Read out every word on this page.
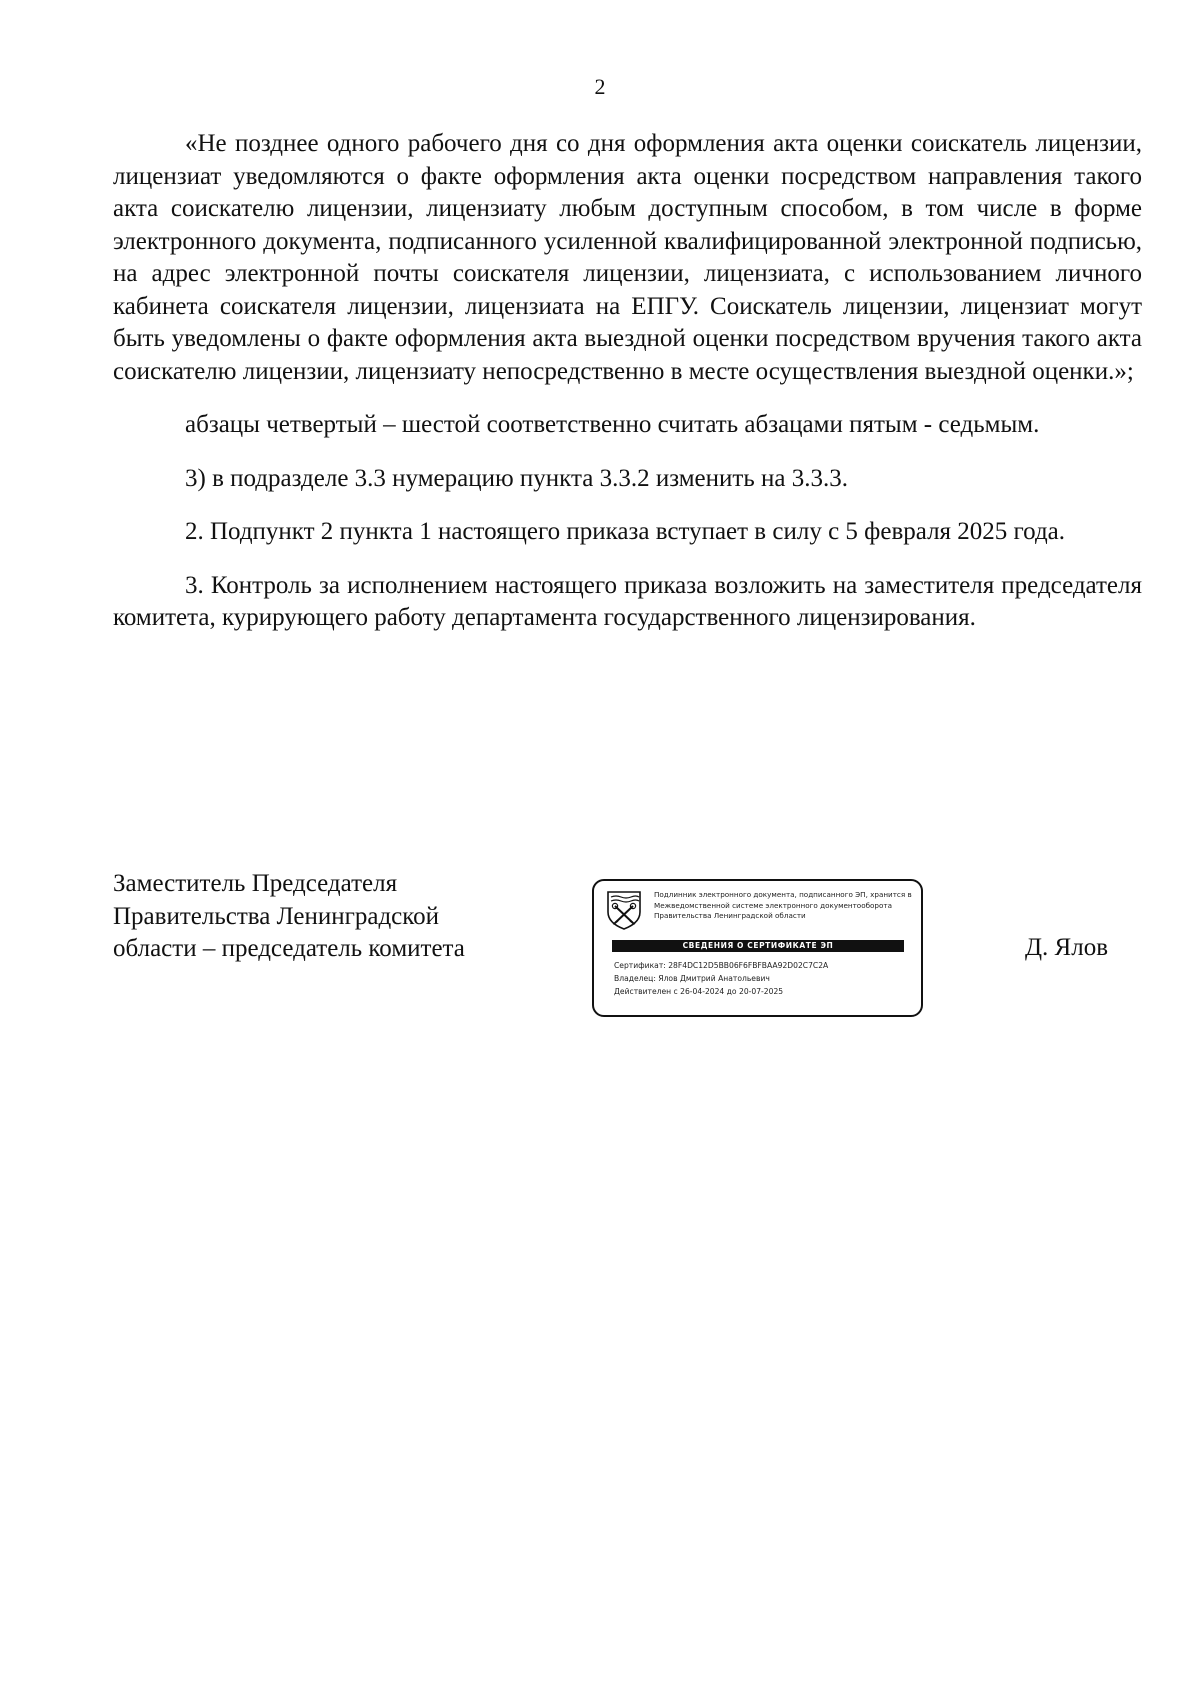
2

«Не позднее одного рабочего дня со дня оформления акта оценки соискатель лицензии, лицензиат уведомляются о факте оформления акта оценки посредством направления такого акта соискателю лицензии, лицензиату любым доступным способом, в том числе в форме электронного документа, подписанного усиленной квалифицированной электронной подписью, на адрес электронной почты соискателя лицензии, лицензиата, с использованием личного кабинета соискателя лицензии, лицензиата на ЕПГУ. Соискатель лицензии, лицензиат могут быть уведомлены о факте оформления акта выездной оценки посредством вручения такого акта соискателю лицензии, лицензиату непосредственно в месте осуществления выездной оценки.»;

абзацы четвертый – шестой соответственно считать абзацами пятым - седьмым.

3) в подразделе 3.3 нумерацию пункта 3.3.2 изменить на 3.3.3.

2. Подпункт 2 пункта 1 настоящего приказа вступает в силу с 5 февраля 2025 года.

3. Контроль за исполнением настоящего приказа возложить на заместителя председателя комитета, курирующего работу департамента государственного лицензирования.

Заместитель Председателя
Правительства Ленинградской
области – председатель комитета
Подлинник электронного документа, подписанного ЭП, хранится в Межведомственной системе электронного документооборота Правительства Ленинградской области
СВЕДЕНИЯ О СЕРТИФИКАТЕ ЭП
Сертификат: 28F4DC12D5BB06F6FBFBAA92D02C7C2A
Владелец: Ялов Дмитрий Анатольевич
Действителен с 26-04-2024 до 20-07-2025
Д. Ялов
